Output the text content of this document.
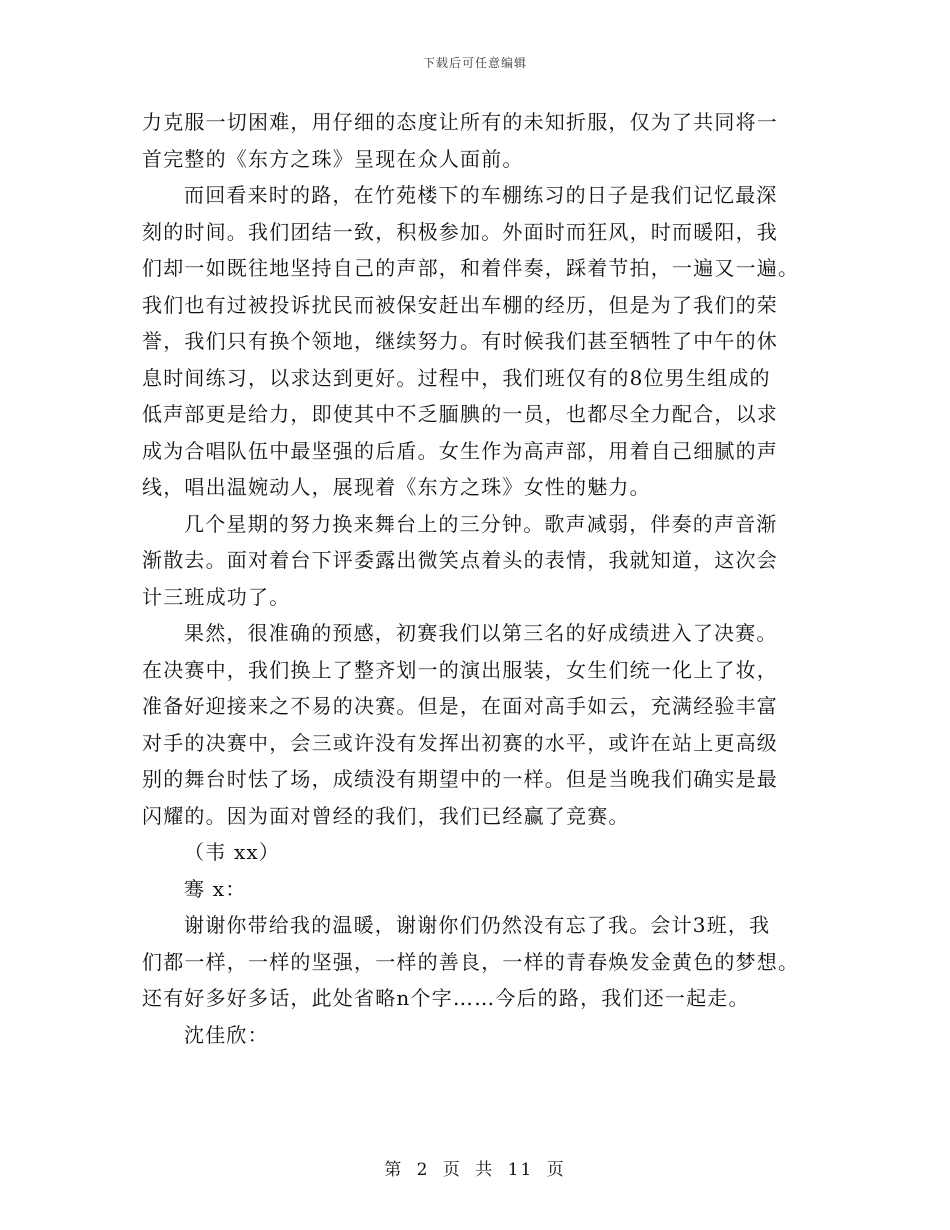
下载后可任意编辑
力克服一切困难，用仔细的态度让所有的未知折服，仅为了共同将一
首完整的《东方之珠》呈现在众人面前。
而回看来时的路，在竹苑楼下的车棚练习的日子是我们记忆最深
刻的时间。我们团结一致，积极参加。外面时而狂风，时而暖阳，我
们却一如既往地坚持自己的声部，和着伴奏，踩着节拍，一遍又一遍。
我们也有过被投诉扰民而被保安赶出车棚的经历，但是为了我们的荣
誉，我们只有换个领地，继续努力。有时候我们甚至牺牲了中午的休
息时间练习，以求达到更好。过程中，我们班仅有的8位男生组成的
低声部更是给力，即使其中不乏腼腆的一员，也都尽全力配合，以求
成为合唱队伍中最坚强的后盾。女生作为高声部，用着自己细腻的声
线，唱出温婉动人，展现着《东方之珠》女性的魅力。
几个星期的努力换来舞台上的三分钟。歌声减弱，伴奏的声音渐
渐散去。面对着台下评委露出微笑点着头的表情，我就知道，这次会
计三班成功了。
果然，很准确的预感，初赛我们以第三名的好成绩进入了决赛。
在决赛中，我们换上了整齐划一的演出服装，女生们统一化上了妆，
准备好迎接来之不易的决赛。但是，在面对高手如云，充满经验丰富
对手的决赛中，会三或许没有发挥出初赛的水平，或许在站上更高级
别的舞台时怯了场，成绩没有期望中的一样。但是当晚我们确实是最
闪耀的。因为面对曾经的我们，我们已经赢了竞赛。
（韦 xx）
骞 x：
谢谢你带给我的温暖，谢谢你们仍然没有忘了我。会计3班，我
们都一样，一样的坚强，一样的善良，一样的青春焕发金黄色的梦想。
还有好多好多话，此处省略n个字……今后的路，我们还一起走。
沈佳欣：
第 2 页 共 11 页
